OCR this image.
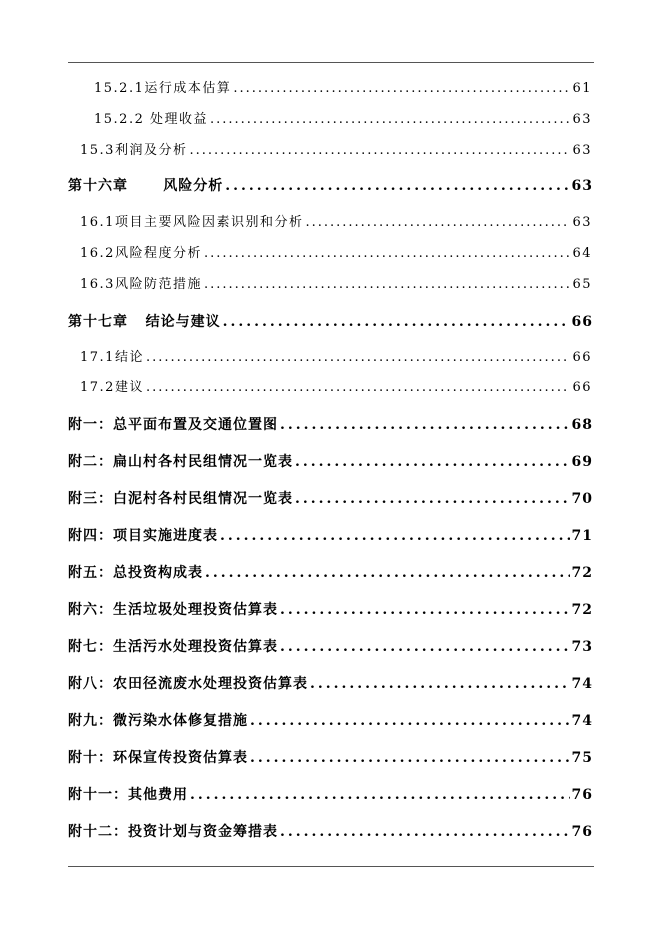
15.2.1运行成本估算 .....	61
15.2.2 处理收益 .....	63
15.3利润及分析 .....	63
第十六章      风险分析 .....	63
16.1项目主要风险因素识别和分析 .....	63
16.2风险程度分析 .....	64
16.3风险防范措施 .....	65
第十七章   结论与建议 .....	66
17.1结论 .....	66
17.2建议 .....	66
附一：总平面布置及交通位置图 .....	68
附二：扁山村各村民组情况一览表 .....	69
附三：白泥村各村民组情况一览表 .....	70
附四：项目实施进度表 .....	71
附五：总投资构成表 .....	72
附六：生活垃圾处理投资估算表 .....	72
附七：生活污水处理投资估算表 .....	73
附八：农田径流废水处理投资估算表 .....	74
附九：微污染水体修复措施 .....	74
附十：环保宣传投资估算表 .....	75
附十一：其他费用 .....	76
附十二：投资计划与资金筹措表 .....	76
